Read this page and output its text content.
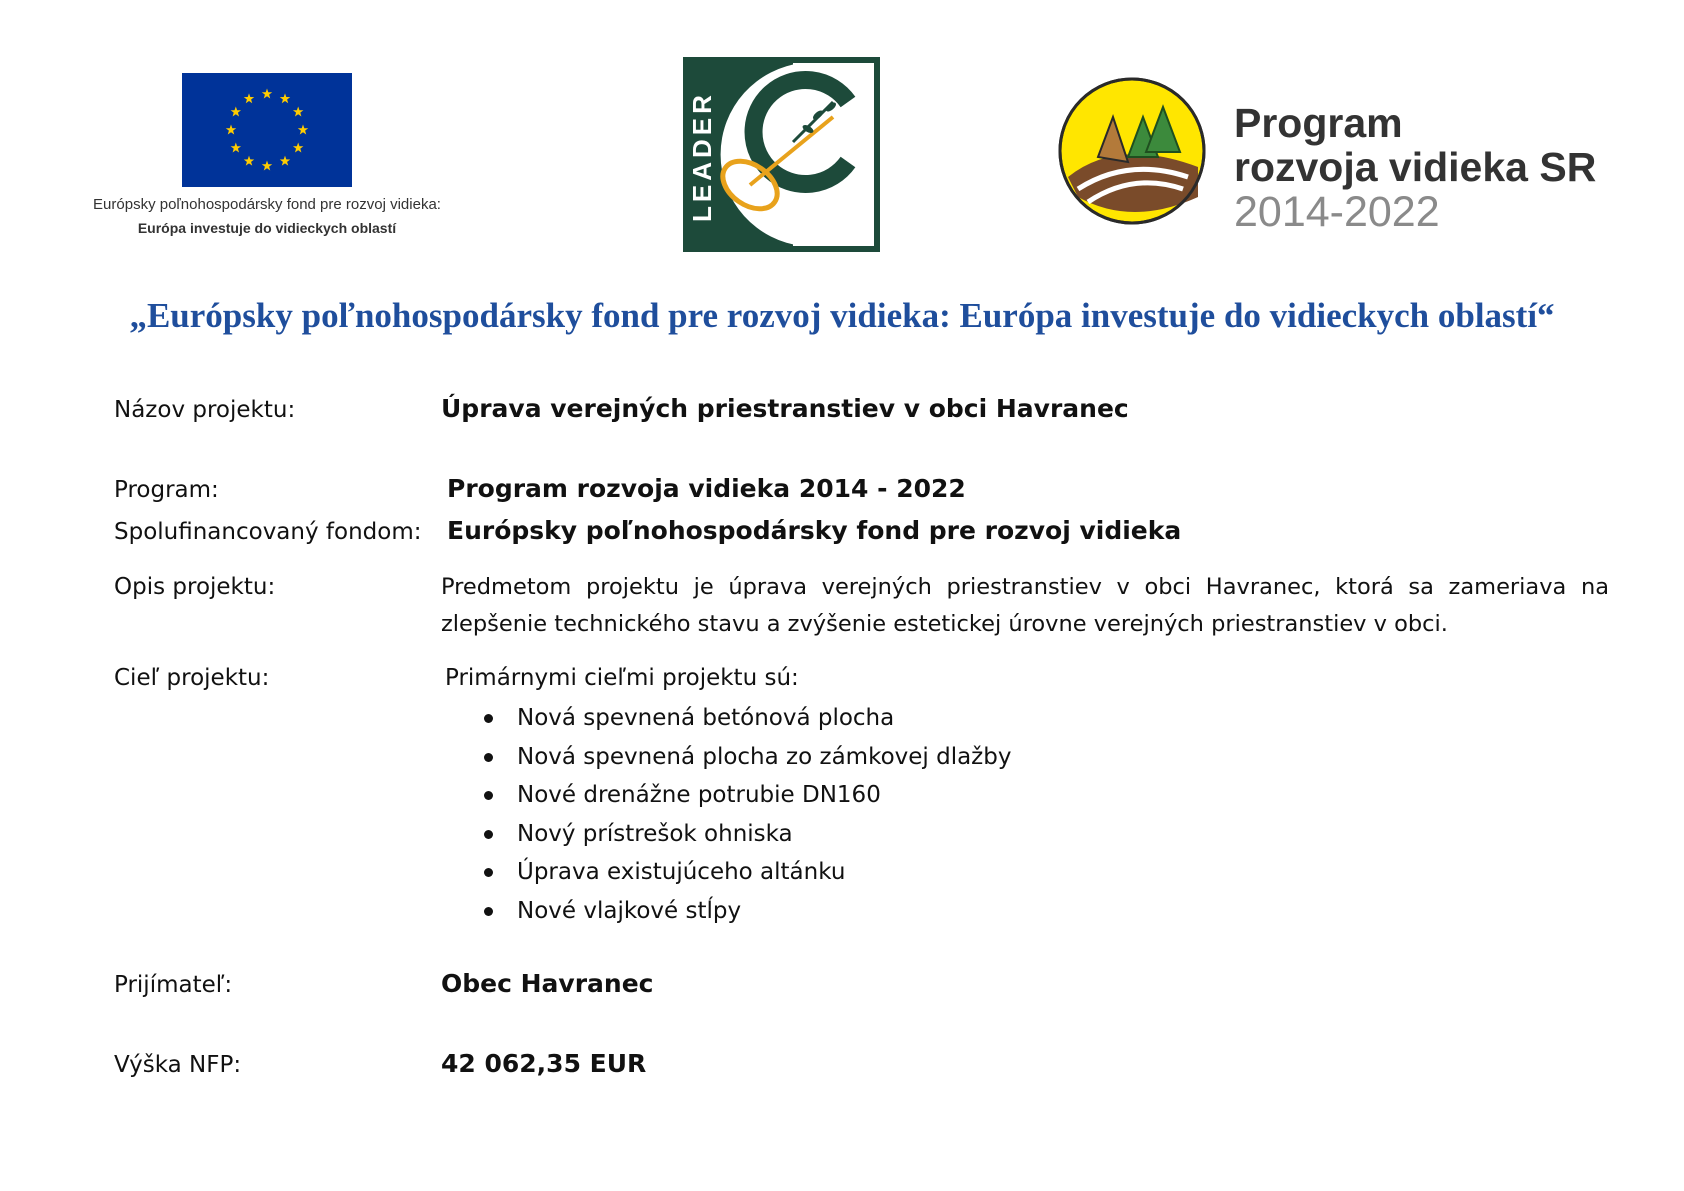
Európsky poľnohospodársky fond pre rozvoj vidieka:
Európa investuje do vidieckych oblastí
LEADER	Program
rozvoja vidieka SR
2014-2022
„Európsky poľnohospodársky fond pre rozvoj vidieka: Európa investuje do vidieckych oblastí“
Názov projektu:	Úprava verejných priestranstiev v obci Havranec
Program:	Program rozvoja vidieka 2014 - 2022
Spolufinancovaný fondom: Európsky poľnohospodársky fond pre rozvoj vidieka
Opis projektu:	Predmetom projektu je úprava verejných priestranstiev v obci Havranec, ktorá sa zameriava na zlepšenie technického stavu a zvýšenie estetickej úrovne verejných priestranstiev v obci.
Cieľ projektu:	Primárnymi cieľmi projektu sú:
Nová spevnená betónová plocha
Nová spevnená plocha zo zámkovej dlažby
Nové drenážne potrubie DN160
Nový prístrešok ohniska
Úprava existujúceho altánku
Nové vlajkové stĺpy
Prijímateľ:	Obec Havranec
Výška NFP:	42 062,35 EUR
